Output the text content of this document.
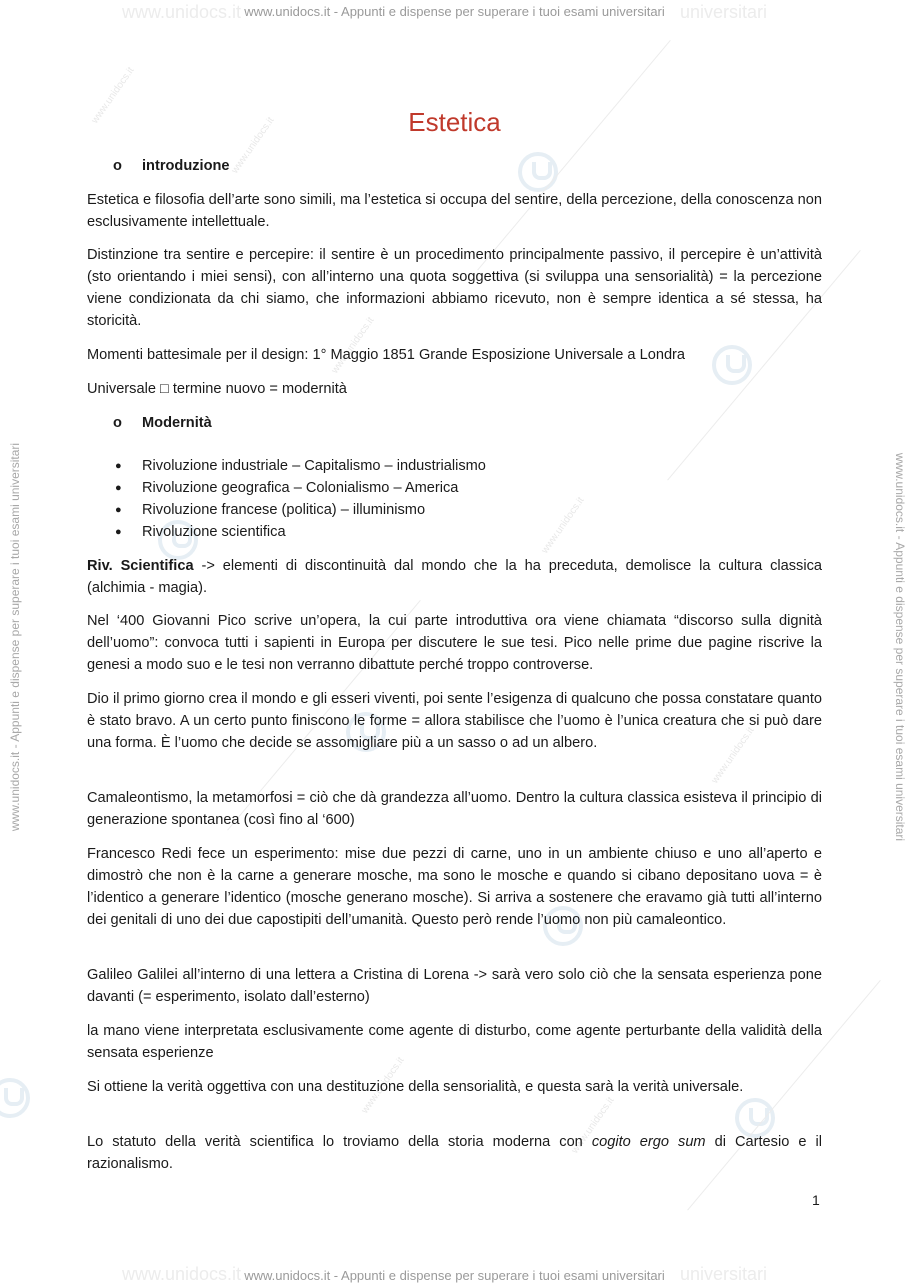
www.unidocs.it	universitari
www.unidocs.it - Appunti e dispense per superare i tuoi esami universitari
www.unidocs.it - Appunti e dispense per superare i tuoi esami universitari	www.unidocs.it - Appunti e dispense per superare i tuoi esami universitari
www.unidocs.it	universitari
www.unidocs.it - Appunti e dispense per superare i tuoi esami universitari
www.unidocs.it
www.unidocs.it
www.unidocs.it
www.unidocs.it
www.unidocs.it
www.unidocs.it
www.unidocs.it
Estetica
o introduzione

Estetica e filosofia dell’arte sono simili, ma l’estetica si occupa del sentire, della percezione, della conoscenza non esclusivamente intellettuale.

Distinzione tra sentire e percepire: il sentire è un procedimento principalmente passivo, il percepire è un’attività (sto orientando i miei sensi), con all’interno una quota soggettiva (si sviluppa una sensorialità) = la percezione viene condizionata da chi siamo, che informazioni abbiamo ricevuto, non è sempre identica a sé stessa, ha storicità.

Momenti battesimale per il design: 1° Maggio 1851 Grande Esposizione Universale a Londra

Universale □ termine nuovo = modernità

o Modernità
● Rivoluzione industriale – Capitalismo – industrialismo
● Rivoluzione geografica – Colonialismo – America
● Rivoluzione francese (politica) – illuminismo
● Rivoluzione scientifica

Riv. Scientifica -> elementi di discontinuità dal mondo che la ha preceduta, demolisce la cultura classica (alchimia - magia).

Nel ‘400 Giovanni Pico scrive un’opera, la cui parte introduttiva ora viene chiamata “discorso sulla dignità dell’uomo”: convoca tutti i sapienti in Europa per discutere le sue tesi. Pico nelle prime due pagine riscrive la genesi a modo suo e le tesi non verranno dibattute perché troppo controverse.

Dio il primo giorno crea il mondo e gli esseri viventi, poi sente l’esigenza di qualcuno che possa constatare quanto è stato bravo. A un certo punto finiscono le forme = allora stabilisce che l’uomo è l’unica creatura che si può dare una forma. È l’uomo che decide se assomigliare più a un sasso o ad un albero.

Camaleontismo, la metamorfosi = ciò che dà grandezza all’uomo. Dentro la cultura classica esisteva il principio di generazione spontanea (così fino al ‘600)

Francesco Redi fece un esperimento: mise due pezzi di carne, uno in un ambiente chiuso e uno all’aperto e dimostrò che non è la carne a generare mosche, ma sono le mosche e quando si cibano depositano uova = è l’identico a generare l’identico (mosche generano mosche). Si arriva a sostenere che eravamo già tutti all’interno dei genitali di uno dei due capostipiti dell’umanità. Questo però rende l’uomo non più camaleontico.

Galileo Galilei all’interno di una lettera a Cristina di Lorena -> sarà vero solo ciò che la sensata esperienza pone davanti (= esperimento, isolato dall’esterno)

la mano viene interpretata esclusivamente come agente di disturbo, come agente perturbante della validità della sensata esperienze

Si ottiene la verità oggettiva con una destituzione della sensorialità, e questa sarà la verità universale.

Lo statuto della verità scientifica lo troviamo della storia moderna con cogito ergo sum di Cartesio e il razionalismo.

1
